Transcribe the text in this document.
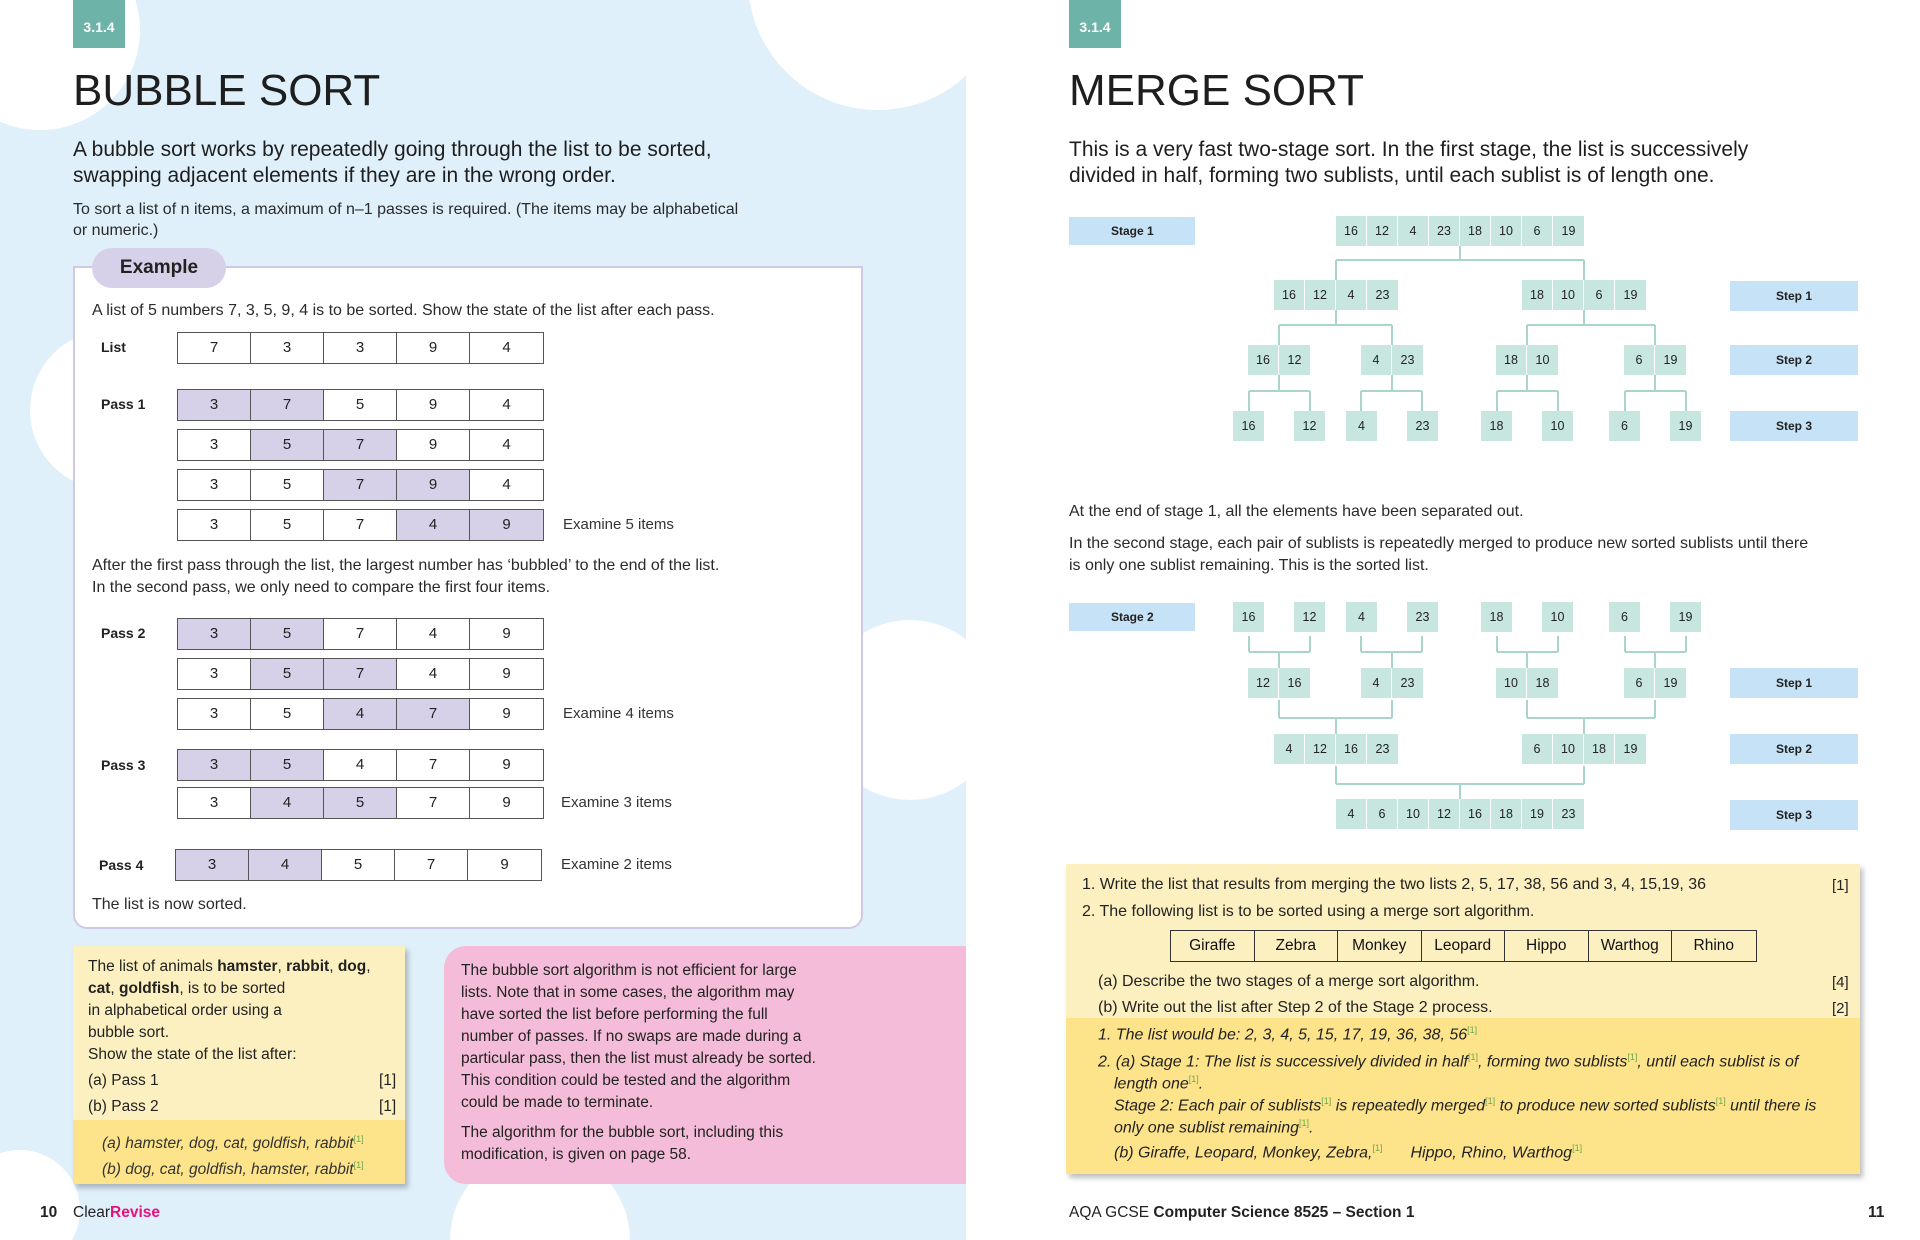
3.1.4
BUBBLE SORT
A bubble sort works by repeatedly going through the list to be sorted,
swapping adjacent elements if they are in the wrong order.
To sort a list of n items, a maximum of n–1 passes is required. (The items may be alphabetical
or numeric.)
Example
A list of 5 numbers 7, 3, 5, 9, 4 is to be sorted. Show the state of the list after each pass.
List	7	3	3	9	4
Pass 1	3	7	5	9	4
3	5	7	9	4
3	5	7	9	4
3	5	7	4	9	Examine 5 items
After the first pass through the list, the largest number has ‘bubbled’ to the end of the list.
In the second pass, we only need to compare the first four items.
Pass 2	3	5	7	4	9
3	5	7	4	9
3	5	4	7	9	Examine 4 items
Pass 3	3	5	4	7	9
3	4	5	7	9	Examine 3 items
Pass 4	3	4	5	7	9	Examine 2 items
The list is now sorted.
The list of animals hamster, rabbit, dog,
cat, goldfish, is to be sorted
in alphabetical order using a
bubble sort.
Show the state of the list after:
(a) Pass 1	[1]
(b) Pass 2	[1]
(a) hamster, dog, cat, goldfish, rabbit[1]
(b) dog, cat, goldfish, hamster, rabbit[1]
The bubble sort algorithm is not efficient for large
lists. Note that in some cases, the algorithm may
have sorted the list before performing the full
number of passes. If no swaps are made during a
particular pass, then the list must already be sorted.
This condition could be tested and the algorithm
could be made to terminate.
The algorithm for the bubble sort, including this
modification, is given on page 58.
10 ClearRevise
3.1.4
MERGE SORT
This is a very fast two-stage sort. In the first stage, the list is successively
divided in half, forming two sublists, until each sublist is of length one.
Stage 1
Step 1
Step 2
Step 3
16	12	4	23	18	10	6	19
16	12	4	23	18	10	6	19
16	12	4	23	18	10	6	19
16	12	4	23	18	10	6	19
At the end of stage 1, all the elements have been separated out.
In the second stage, each pair of sublists is repeatedly merged to produce new sorted sublists until there
is only one sublist remaining. This is the sorted list.
Stage 2
Step 1
Step 2
Step 3
16	12	4	23	18	10	6	19
12	16	4	23	10	18	6	19
4	12	16	23	6	10	18	19
4	6	10	12	16	18	19	23
1. Write the list that results from merging the two lists 2, 5, 17, 38, 56 and 3, 4, 15,19, 36	[1]
2. The following list is to be sorted using a merge sort algorithm.
Giraffe	Zebra	Monkey	Leopard	Hippo	Warthog	Rhino
(a) Describe the two stages of a merge sort algorithm.	[4]
(b) Write out the list after Step 2 of the Stage 2 process.	[2]
1. The list would be: 2, 3, 4, 5, 15, 17, 19, 36, 38, 56[1]
2. (a) Stage 1: The list is successively divided in half[1], forming two sublists[1], until each sublist is of
length one[1].
Stage 2: Each pair of sublists[1] is repeatedly merged[1] to produce new sorted sublists[1] until there is
only one sublist remaining[1].
(b) Giraffe, Leopard, Monkey, Zebra,[1] Hippo, Rhino, Warthog[1]
AQA GCSE Computer Science 8525 – Section 1	11
